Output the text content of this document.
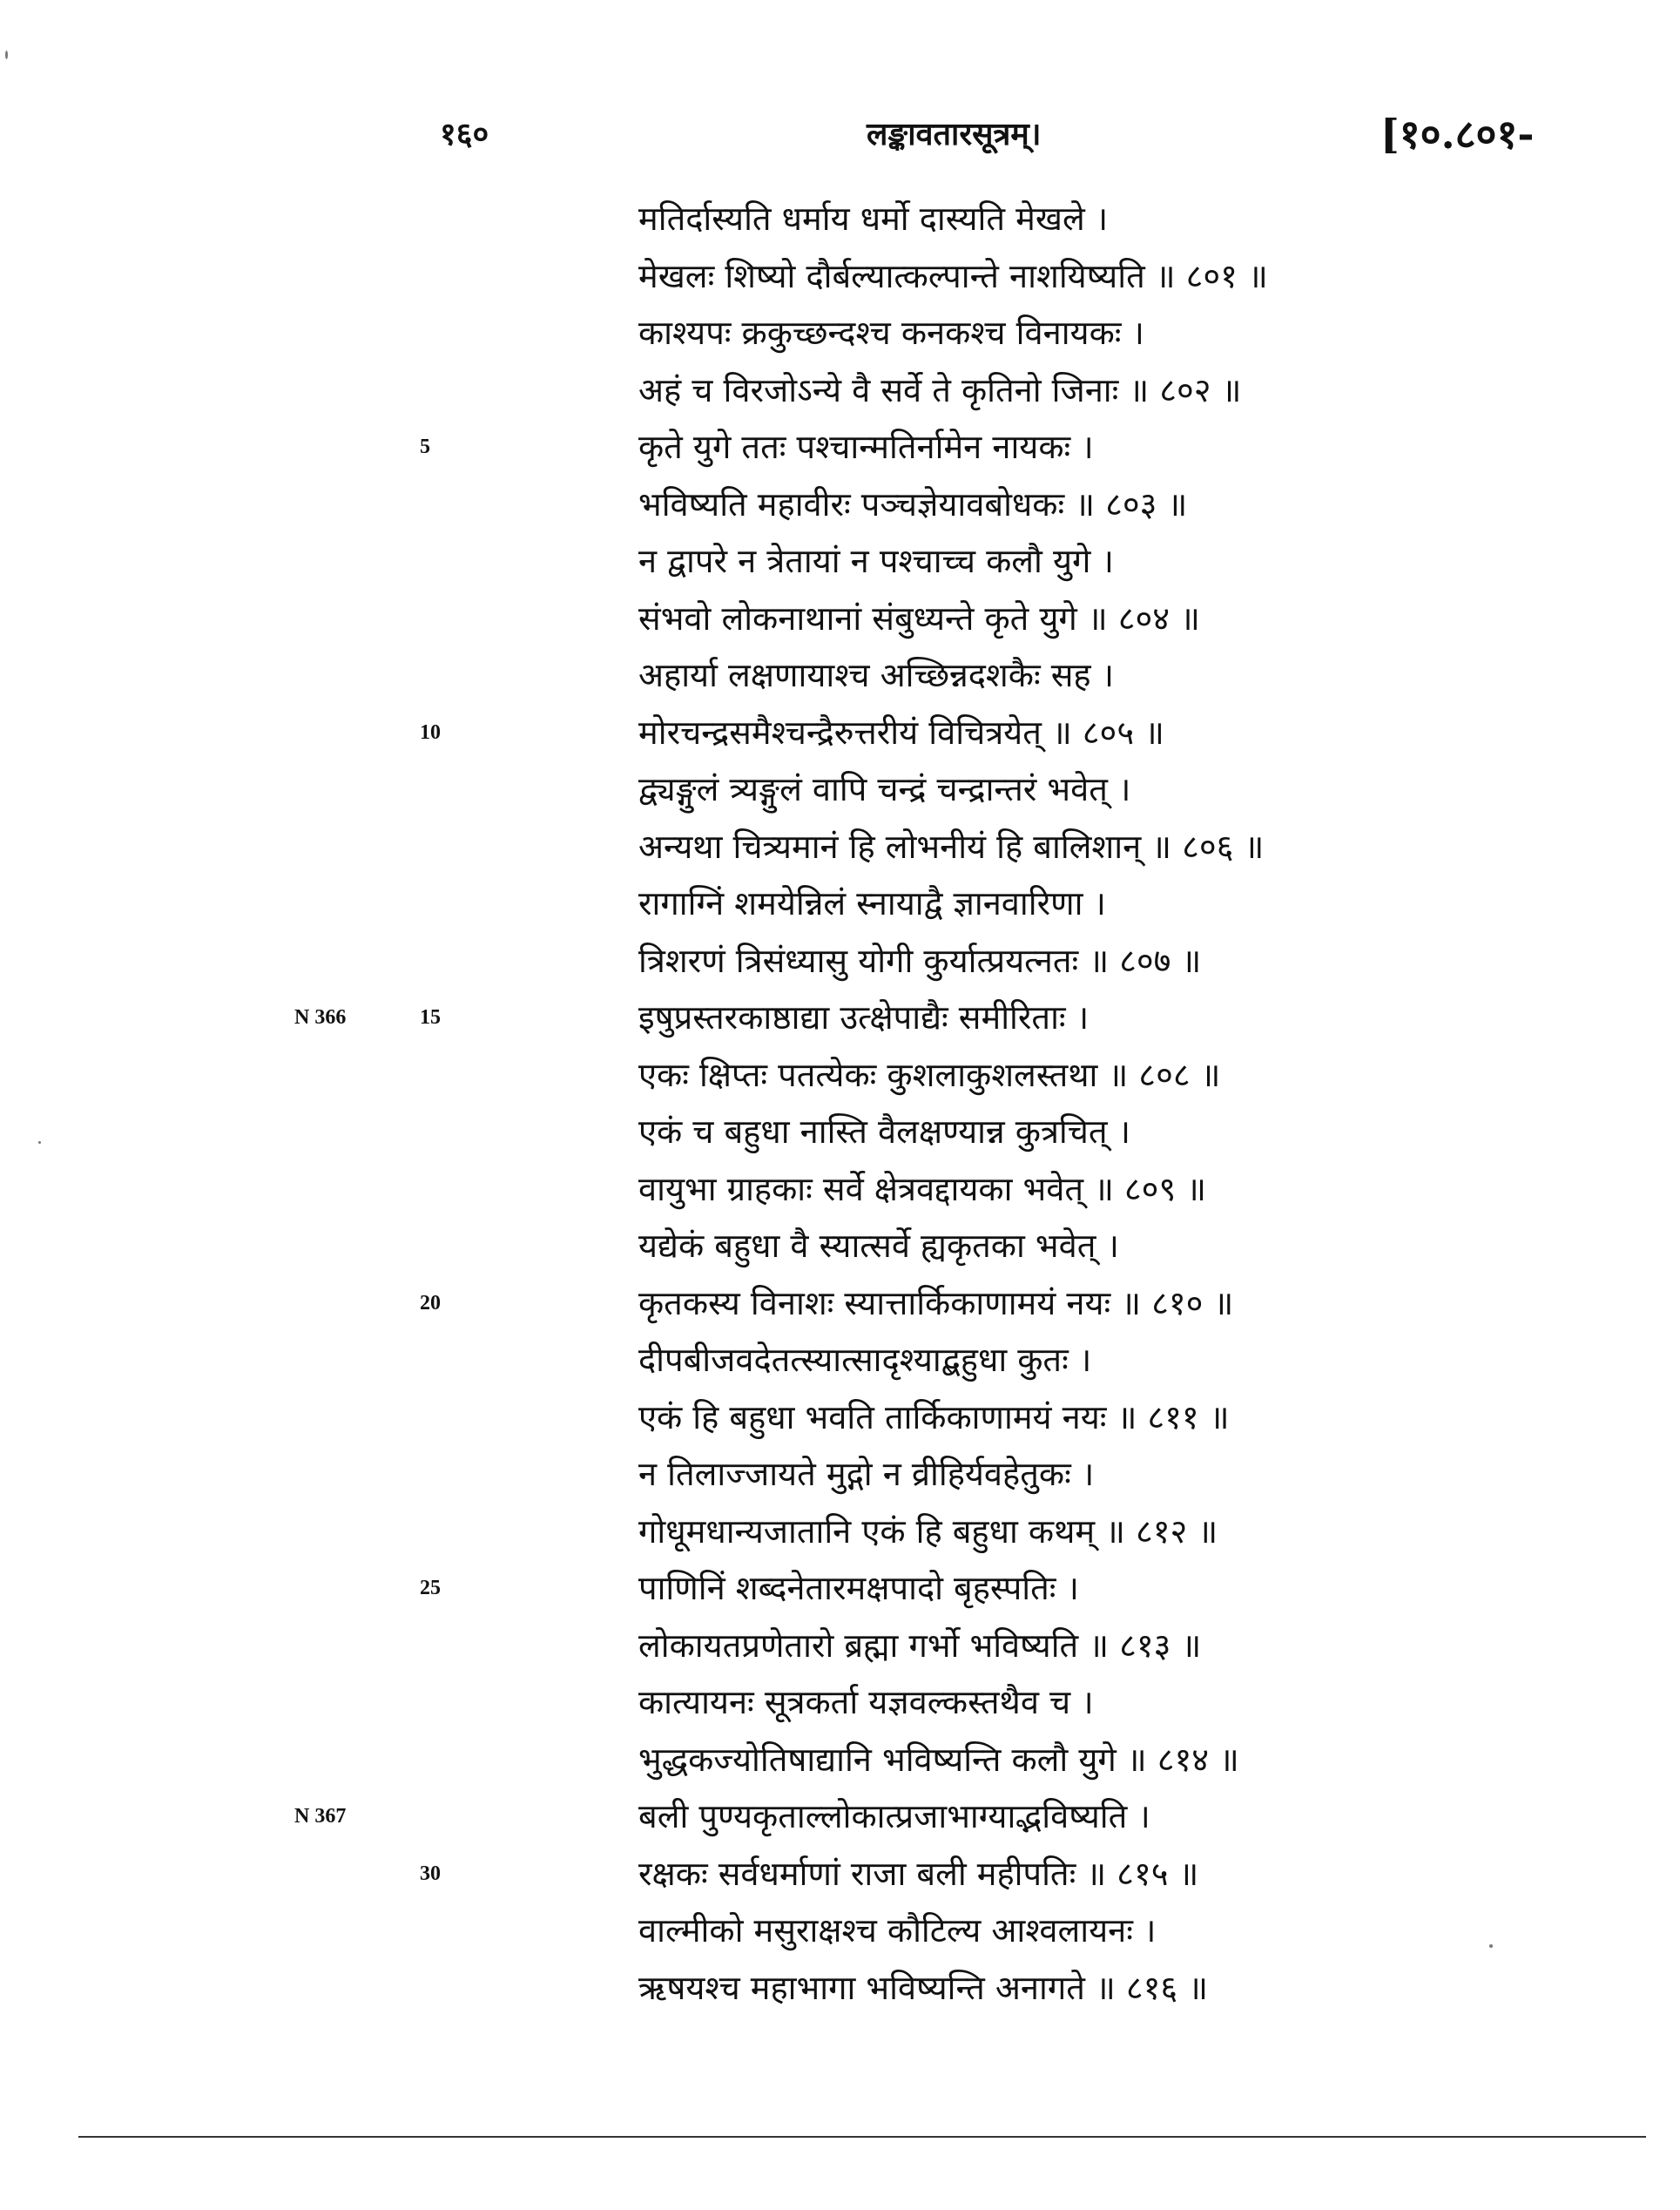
१६०	लङ्कावतारसूत्रम्।	[१०.८०१-
मतिर्दास्यति धर्माय धर्मो दास्यति मेखले ।
मेखलः शिष्यो दौर्बल्यात्कल्पान्ते नाशयिष्यति ॥ ८०१ ॥
काश्यपः क्रकुच्छन्दश्च कनकश्च विनायकः ।
अहं च विरजोऽन्ये वै सर्वे ते कृतिनो जिनाः ॥ ८०२ ॥
5	कृते युगे ततः पश्चान्मतिर्नामेन नायकः ।
भविष्यति महावीरः पञ्चज्ञेयावबोधकः ॥ ८०३ ॥
न द्वापरे न त्रेतायां न पश्चाच्च कलौ युगे ।
संभवो लोकनाथानां संबुध्यन्ते कृते युगे ॥ ८०४ ॥
अहार्या लक्षणायाश्च अच्छिन्नदशकैः सह ।
10	मोरचन्द्रसमैश्चन्द्रैरुत्तरीयं विचित्रयेत् ॥ ८०५ ॥
द्व्यङ्गुलं त्र्यङ्गुलं वापि चन्द्रं चन्द्रान्तरं भवेत् ।
अन्यथा चित्र्यमानं हि लोभनीयं हि बालिशान् ॥ ८०६ ॥
रागाग्निं शमयेन्निलं स्नायाद्वै ज्ञानवारिणा ।
त्रिशरणं त्रिसंध्यासु योगी कुर्यात्प्रयत्नतः ॥ ८०७ ॥
N 366	15	इषुप्रस्तरकाष्ठाद्या उत्क्षेपाद्यैः समीरिताः ।
एकः क्षिप्तः पतत्येकः कुशलाकुशलस्तथा ॥ ८०८ ॥
एकं च बहुधा नास्ति वैलक्षण्यान्न कुत्रचित् ।
वायुभा ग्राहकाः सर्वे क्षेत्रवद्दायका भवेत् ॥ ८०९ ॥
यद्येकं बहुधा वै स्यात्सर्वे ह्यकृतका भवेत् ।
20	कृतकस्य विनाशः स्यात्तार्किकाणामयं नयः ॥ ८१० ॥
दीपबीजवदेतत्स्यात्सादृश्याद्बहुधा कुतः ।
एकं हि बहुधा भवति तार्किकाणामयं नयः ॥ ८११ ॥
न तिलाज्जायते मुद्गो न व्रीहिर्यवहेतुकः ।
गोधूमधान्यजातानि एकं हि बहुधा कथम् ॥ ८१२ ॥
25	पाणिनिं शब्दनेतारमक्षपादो बृहस्पतिः ।
लोकायतप्रणेतारो ब्रह्मा गर्भो भविष्यति ॥ ८१३ ॥
कात्यायनः सूत्रकर्ता यज्ञवल्कस्तथैव च ।
भुद्धकज्योतिषाद्यानि भविष्यन्ति कलौ युगे ॥ ८१४ ॥
N 367	बली पुण्यकृताल्लोकात्प्रजाभाग्याद्भविष्यति ।
30	रक्षकः सर्वधर्माणां राजा बली महीपतिः ॥ ८१५ ॥
वाल्मीको मसुराक्षश्च कौटिल्य आश्वलायनः ।
ऋषयश्च महाभागा भविष्यन्ति अनागते ॥ ८१६ ॥
